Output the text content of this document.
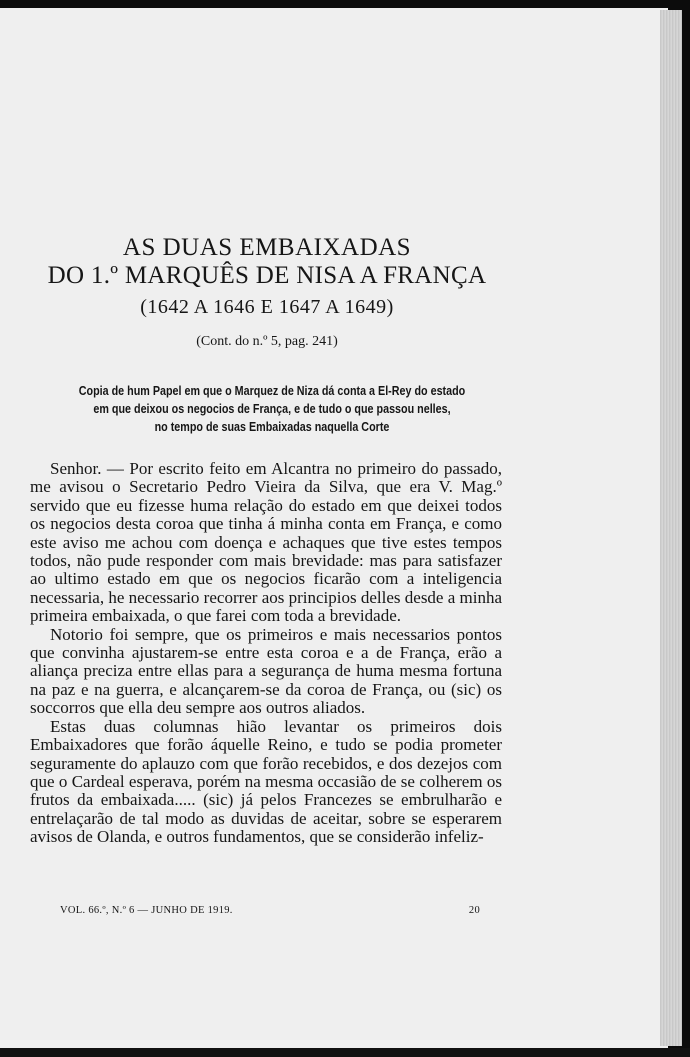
AS DUAS EMBAIXADAS
DO 1.º MARQUÊS DE NISA A FRANÇA
(1642 A 1646 E 1647 A 1649)
(Cont. do n.º 5, pag. 241)
Copia de hum Papel em que o Marquez de Niza dá conta a El-Rey do estado
em que deixou os negocios de França, e de tudo o que passou nelles,
no tempo de suas Embaixadas naquella Corte

Senhor. — Por escrito feito em Alcantra no primeiro do passado, me avisou o Secretario Pedro Vieira da Silva, que era V. Mag.º servido que eu fizesse huma relação do estado em que deixei todos os negocios desta coroa que tinha á minha conta em França, e como este aviso me achou com doença e achaques que tive estes tempos todos, não pude responder com mais brevidade: mas para satisfazer ao ultimo estado em que os negocios ficarão com a inteligencia necessaria, he necessario recorrer aos principios delles desde a minha primeira embaixada, o que farei com toda a brevidade.

Notorio foi sempre, que os primeiros e mais necessarios pontos que convinha ajustarem-se entre esta coroa e a de França, erão a aliança preciza entre ellas para a segurança de huma mesma fortuna na paz e na guerra, e alcançarem-se da coroa de França, ou (sic) os soccorros que ella deu sempre aos outros aliados.

Estas duas columnas hião levantar os primeiros dois Embaixadores que forão áquelle Reino, e tudo se podia prometer seguramente do aplauzo com que forão recebidos, e dos dezejos com que o Cardeal esperava, porém na mesma occasião de se colherem os frutos da embaixada..... (sic) já pelos Francezes se embrulharão e entrelaçarão de tal modo as duvidas de aceitar, sobre se esperarem avisos de Olanda, e outros fundamentos, que se considerão infeliz-

VOL. 66.º, N.º 6 — JUNHO DE 1919.	20
